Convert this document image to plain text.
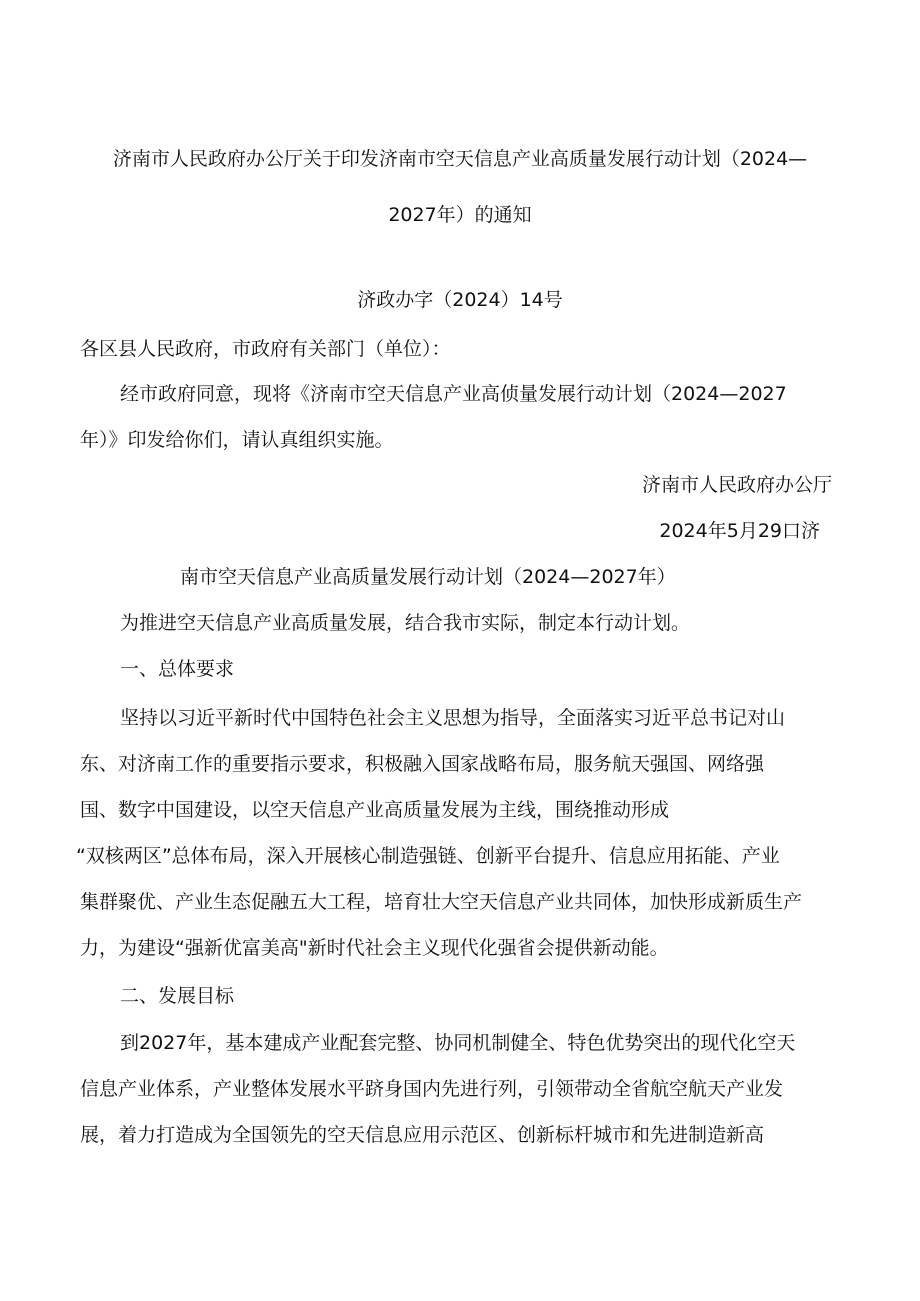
济南市人民政府办公厅关于印发济南市空天信息产业高质量发展行动计划（2024—

2027年）的通知

济政办字（2024）14号

各区县人民政府，市政府有关部门（单位）：

经市政府同意，现将《济南市空天信息产业高侦量发展行动计划（2024—2027

年）》印发给你们，请认真组织实施。

济南市人民政府办公厅

2024年5月29口济

南市空天信息产业高质量发展行动计划（2024—2027年）

为推进空天信息产业高质量发展，结合我市实际，制定本行动计划。

一、总体要求

坚持以习近平新时代中国特色社会主义思想为指导，全面落实习近平总书记对山

东、对济南工作的重要指示要求，积极融入国家战略布局，服务航天强国、网络强

国、数字中国建设，以空天信息产业高质量发展为主线，围绕推动形成

“双核两区”总体布局，深入开展核心制造强链、创新平台提升、信息应用拓能、产业

集群聚优、产业生态促融五大工程，培育壮大空天信息产业共同体，加快形成新质生产

力，为建设“强新优富美高"新时代社会主义现代化强省会提供新动能。

二、发展目标

到2027年，基本建成产业配套完整、协同机制健全、特色优势突出的现代化空天

信息产业体系，产业整体发展水平跻身国内先进行列，引领带动全省航空航天产业发

展，着力打造成为全国领先的空天信息应用示范区、创新标杆城市和先进制造新高
